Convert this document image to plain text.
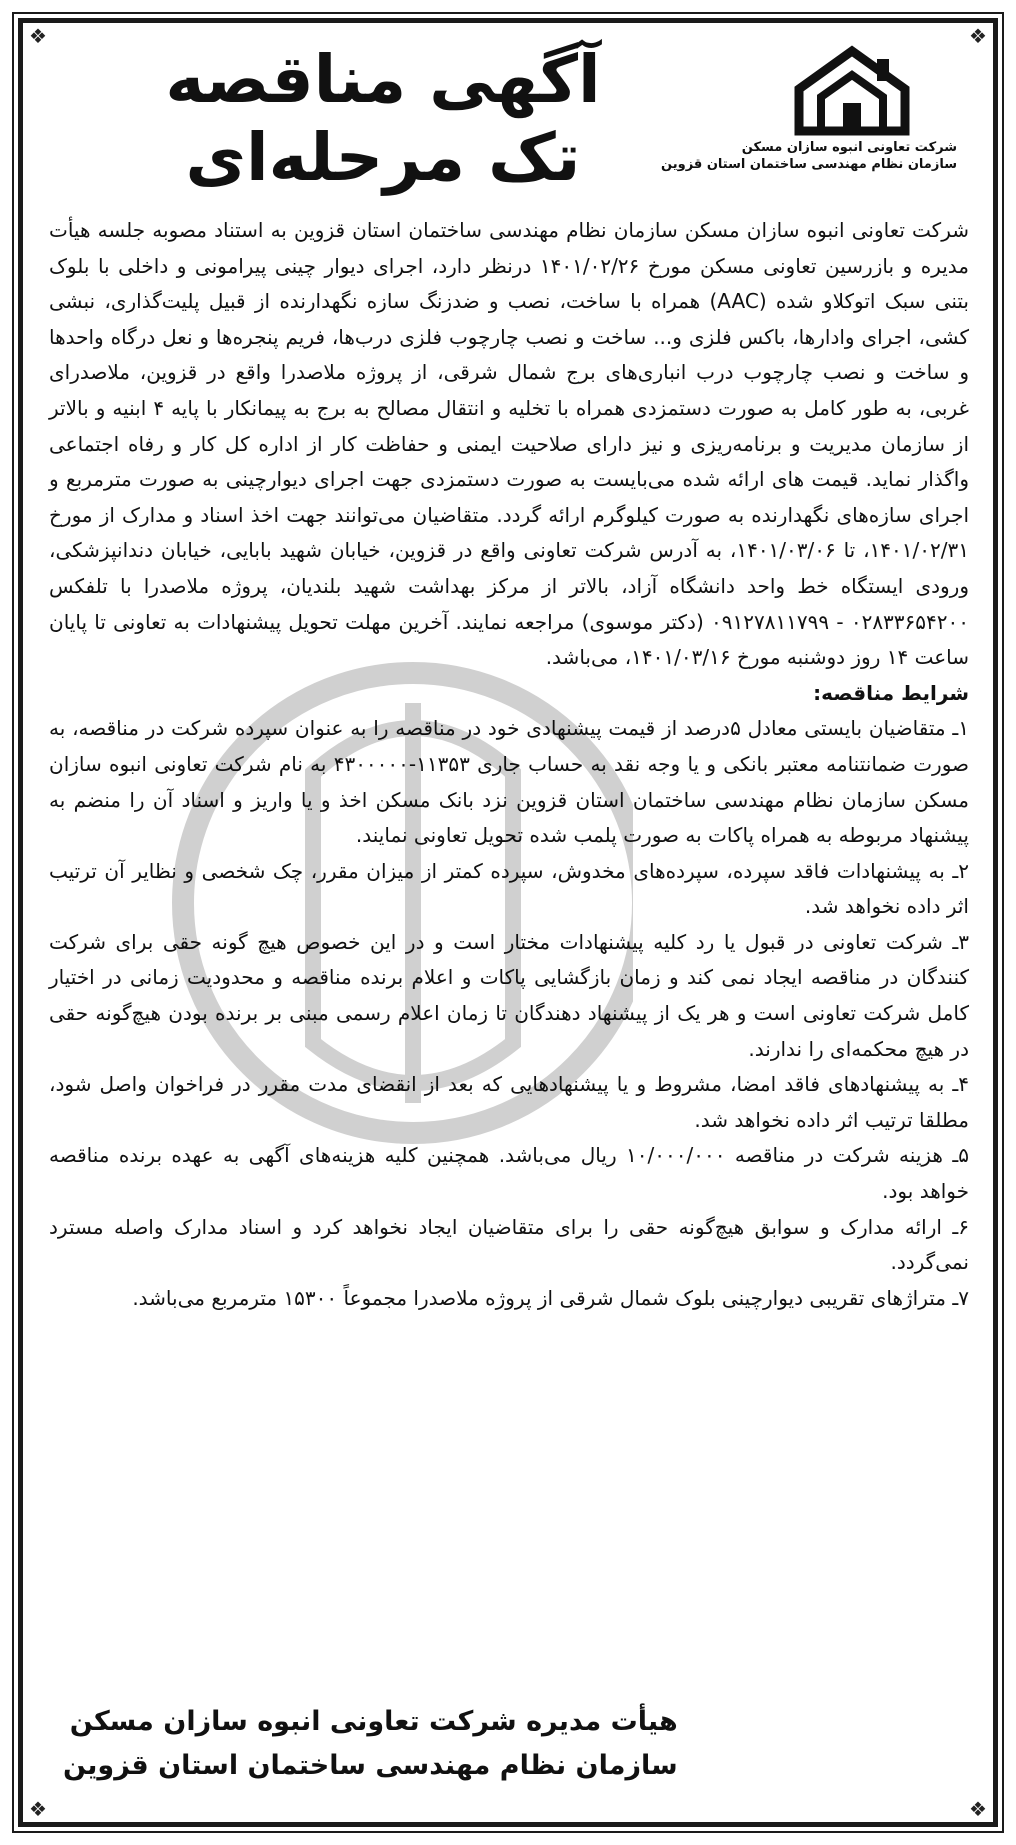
❖	❖
❖	❖
شرکت تعاونی انبوه سازان مسکن
سازمان نظام مهندسی ساختمان استان قزوین
آگهی مناقصه
تک مرحله‌ای

شرکت تعاونی انبوه سازان مسکن سازمان نظام مهندسی ساختمان استان قزوین به استناد مصوبه جلسه هیأت مدیره و بازرسین تعاونی مسکن مورخ ۱۴۰۱/۰۲/۲۶ درنظر دارد، اجرای دیوار چینی پیرامونی و داخلی با بلوک بتنی سبک اتوکلاو شده (AAC) همراه با ساخت، نصب و ضدزنگ سازه نگهدارنده از قبیل پلیت‌گذاری، نبشی کشی، اجرای وادارها، باکس فلزی و... ساخت و نصب چارچوب فلزی درب‌ها، فریم پنجره‌ها و نعل درگاه واحدها و ساخت و نصب چارچوب درب انباری‌های برج شمال شرقی، از پروژه ملاصدرا واقع در قزوین، ملاصدرای غربی، به طور کامل به صورت دستمزدی همراه با تخلیه و انتقال مصالح به برج به پیمانکار با پایه ۴ ابنیه و بالاتر از سازمان مدیریت و برنامه‌ریزی و نیز دارای صلاحیت ایمنی و حفاظت کار از اداره کل کار و رفاه اجتماعی واگذار نماید. قیمت های ارائه شده می‌بایست به صورت دستمزدی جهت اجرای دیوارچینی به صورت مترمربع و اجرای سازه‌های نگهدارنده به صورت کیلوگرم ارائه گردد. متقاضیان می‌توانند جهت اخذ اسناد و مدارک از مورخ ۱۴۰۱/۰۲/۳۱، تا ۱۴۰۱/۰۳/۰۶، به آدرس شرکت تعاونی واقع در قزوین، خیابان شهید بابایی، خیابان دندانپزشکی، ورودی ایستگاه خط واحد دانشگاه آزاد، بالاتر از مرکز بهداشت شهید بلندیان، پروژه ملاصدرا با تلفکس ۰۲۸۳۳۶۵۴۲۰۰ - ۰۹۱۲۷۸۱۱۷۹۹ (دکتر موسوی) مراجعه نمایند. آخرین مهلت تحویل پیشنهادات به تعاونی تا پایان ساعت ۱۴ روز دوشنبه مورخ ۱۴۰۱/۰۳/۱۶، می‌باشد.

شرایط مناقصه:

۱ـ متقاضیان بایستی معادل ۵درصد از قیمت پیشنهادی خود در مناقصه را به عنوان سپرده شرکت در مناقصه، به صورت ضمانتنامه معتبر بانکی و یا وجه نقد به حساب جاری ۱۱۳۵۳-۴۳۰۰۰۰۰ به نام شرکت تعاونی انبوه سازان مسکن سازمان نظام مهندسی ساختمان استان قزوین نزد بانک مسکن اخذ و یا واریز و اسناد آن را منضم به پیشنهاد مربوطه به همراه پاکات به صورت پلمب شده تحویل تعاونی نمایند.

۲ـ به پیشنهادات فاقد سپرده، سپرده‌های مخدوش، سپرده کمتر از میزان مقرر، چک شخصی و نظایر آن ترتیب اثر داده نخواهد شد.

۳ـ شرکت تعاونی در قبول یا رد کلیه پیشنهادات مختار است و در این خصوص هیچ گونه حقی برای شرکت کنندگان در مناقصه ایجاد نمی کند و زمان بازگشایی پاکات و اعلام برنده مناقصه و محدودیت زمانی در اختیار کامل شرکت تعاونی است و هر یک از پیشنهاد دهندگان تا زمان اعلام رسمی مبنی بر برنده بودن هیچ‌گونه حقی در هیچ محکمه‌ای را ندارند.

۴ـ به پیشنهادهای فاقد امضا، مشروط و یا پیشنهادهایی که بعد از انقضای مدت مقرر در فراخوان واصل شود، مطلقا ترتیب اثر داده نخواهد شد.

۵ـ هزینه شرکت در مناقصه ۱۰/۰۰۰/۰۰۰ ریال می‌باشد. همچنین کلیه هزینه‌های آگهی به عهده برنده مناقصه خواهد بود.

۶ـ ارائه مدارک و سوابق هیچ‌گونه حقی را برای متقاضیان ایجاد نخواهد کرد و اسناد مدارک واصله مسترد نمی‌گردد.

۷ـ متراژهای تقریبی دیوارچینی بلوک شمال شرقی از پروژه ملاصدرا مجموعاً ۱۵۳۰۰ مترمربع می‌باشد.

هیأت مدیره شرکت تعاونی انبوه سازان مسکن
سازمان نظام مهندسی ساختمان استان قزوین
